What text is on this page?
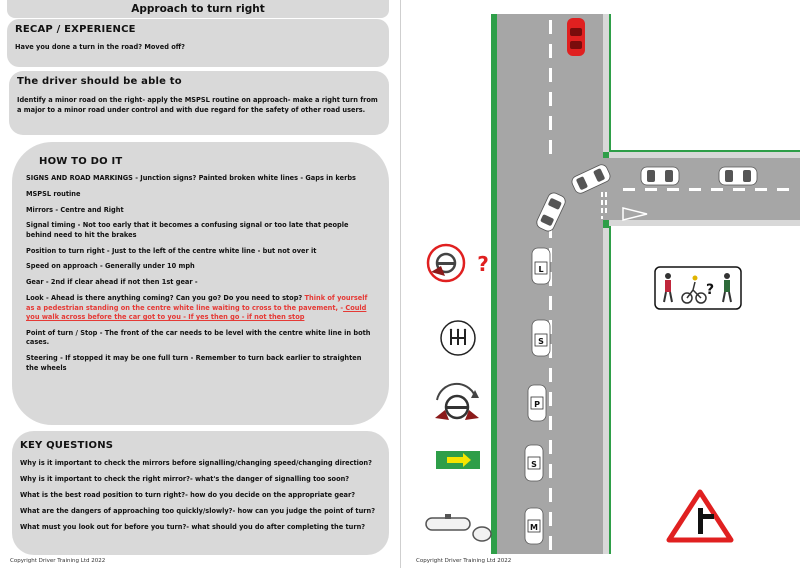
Approach to turn right
RECAP / EXPERIENCE

Have you done a turn in the road? Moved off?

The driver should be able to

Identify a minor road on the right- apply the MSPSL routine on approach- make a right turn from a major to a minor road under control and with due regard for the safety of other road users.

HOW TO DO IT

SIGNS AND ROAD MARKINGS - Junction signs? Painted broken white lines - Gaps in kerbs

MSPSL routine

Mirrors - Centre and Right

Signal timing - Not too early that it becomes a confusing signal or too late that people behind need to hit the brakes

Position to turn right - Just to the left of the centre white line - but not over it

Speed on approach - Generally under 10 mph

Gear - 2nd if clear ahead if not then 1st gear -

Look - Ahead is there anything coming? Can you go? Do you need to stop? Think of yourself as a pedestrian standing on the centre white line waiting to cross to the pavement, - Could you walk across before the car got to you - If yes then go - if not then stop

Point of turn / Stop - The front of the car needs to be level with the centre white line in both cases.

Steering - If stopped it may be one full turn - Remember to turn back earlier to straighten the wheels

KEY QUESTIONS

Why is it important to check the mirrors before signalling/changing speed/changing direction?

Why is it important to check the right mirror?- what's the danger of signalling too soon?

What is the best road position to turn right?- how do you decide on the appropriate gear?

What are the dangers of approaching too quickly/slowly?- how can you judge the point of turn?

What must you look out for before you turn?- what should you do after completing the turn?

Copyright Driver Training Ltd 2022
L
S
P
S
M
?
?
Copyright Driver Training Ltd 2022
